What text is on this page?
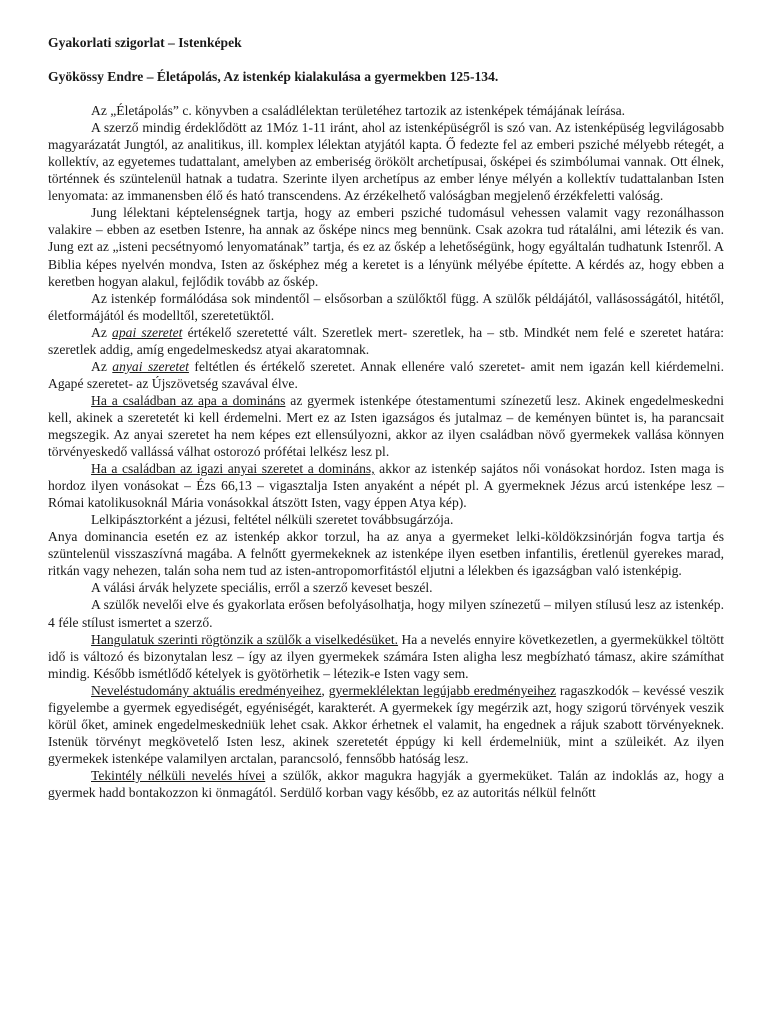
Gyakorlati szigorlat – Istenképek

Gyökössy Endre – Életápolás, Az istenkép kialakulása a gyermekben 125-134.

Az „Életápolás” c. könyvben a családlélektan területéhez tartozik az istenképek témájának leírása.

A szerző mindig érdeklődött az 1Móz 1-11 iránt, ahol az istenképüségről is szó van. Az istenképüség legvilágosabb magyarázatát Jungtól, az analitikus, ill. komplex lélektan atyjától kapta. Ő fedezte fel az emberi psziché mélyebb rétegét, a kollektív, az egyetemes tudattalant, amelyben az emberiség örökölt archetípusai, ősképei és szimbólumai vannak. Ott élnek, történnek és szüntelenül hatnak a tudatra. Szerinte ilyen archetípus az ember lénye mélyén a kollektív tudattalanban Isten lenyomata: az immanensben élő és ható transcendens. Az érzékelhető valóságban megjelenő érzékfeletti valóság.

Jung lélektani képtelenségnek tartja, hogy az emberi psziché tudomásul vehessen valamit vagy rezonálhasson valakire – ebben az esetben Istenre, ha annak az ősképe nincs meg bennünk. Csak azokra tud rátalálni, ami létezik és van. Jung ezt az „isteni pecsétnyomó lenyomatának” tartja, és ez az őskép a lehetőségünk, hogy egyáltalán tudhatunk Istenről. A Biblia képes nyelvén mondva, Isten az ősképhez még a keretet is a lényünk mélyébe építette. A kérdés az, hogy ebben a keretben hogyan alakul, fejlődik tovább az őskép.

Az istenkép formálódása sok mindentől – elsősorban a szülőktől függ. A szülők példájától, vallásosságától, hitétől, életformájától és modelltől, szeretetüktől.

Az apai szeretet értékelő szeretetté vált. Szeretlek mert- szeretlek, ha – stb. Mindkét nem felé e szeretet határa: szeretlek addig, amíg engedelmeskedsz atyai akaratomnak.

Az anyai szeretet feltétlen és értékelő szeretet. Annak ellenére való szeretet- amit nem igazán kell kiérdemelni. Agapé szeretet- az Újszövetség szavával élve.

Ha a családban az apa a domináns az gyermek istenképe ótestamentumi színezetű lesz. Akinek engedelmeskedni kell, akinek a szeretetét ki kell érdemelni. Mert ez az Isten igazságos és jutalmaz – de keményen büntet is, ha parancsait megszegik. Az anyai szeretet ha nem képes ezt ellensúlyozni, akkor az ilyen családban növő gyermekek vallása könnyen törvényeskedő vallássá válhat ostorozó prófétai lelkész lesz pl.

Ha a családban az igazi anyai szeretet a domináns, akkor az istenkép sajátos női vonásokat hordoz. Isten maga is hordoz ilyen vonásokat – Ézs 66,13 – vigasztalja Isten anyaként a népét pl. A gyermeknek Jézus arcú istenképe lesz – Római katolikusoknál Mária vonásokkal átszött Isten, vagy éppen Atya kép).

Lelkipásztorként a jézusi, feltétel nélküli szeretet továbbsugárzója.

Anya dominancia esetén ez az istenkép akkor torzul, ha az anya a gyermeket lelki-köldökzsinórján fogva tartja és szüntelenül visszaszívná magába. A felnőtt gyermekeknek az istenképe ilyen esetben infantilis, éretlenül gyerekes marad, ritkán vagy nehezen, talán soha nem tud az isten-antropomorfitástól eljutni a lélekben és igazságban való istenképig.

A válási árvák helyzete speciális, erről a szerző keveset beszél.

A szülők nevelői elve és gyakorlata erősen befolyásolhatja, hogy milyen színezetű – milyen stílusú lesz az istenkép. 4 féle stílust ismertet a szerző.

Hangulatuk szerinti rögtönzik a szülők a viselkedésüket. Ha a nevelés ennyire következetlen, a gyermekükkel töltött idő is változó és bizonytalan lesz – így az ilyen gyermekek számára Isten aligha lesz megbízható támasz, akire számíthat mindig. Később ismétlődő kételyek is gyötörhetik – létezik-e Isten vagy sem.

Neveléstudomány aktuális eredményeihez, gyermeklélektan legújabb eredményeihez ragaszkodók – kevéssé veszik figyelembe a gyermek egyediségét, egyéniségét, karakterét. A gyermekek így megérzik azt, hogy szigorú törvények veszik körül őket, aminek engedelmeskedniük lehet csak. Akkor érhetnek el valamit, ha engednek a rájuk szabott törvényeknek. Istenük törvényt megkövetelő Isten lesz, akinek szeretetét éppúgy ki kell érdemelniük, mint a szüleikét. Az ilyen gyermekek istenképe valamilyen arctalan, parancsoló, fennsőbb hatóság lesz.

Tekintély nélküli nevelés hívei a szülők, akkor magukra hagyják a gyermeküket. Talán az indoklás az, hogy a gyermek hadd bontakozzon ki önmagától. Serdülő korban vagy később, ez az autoritás nélkül felnőtt
